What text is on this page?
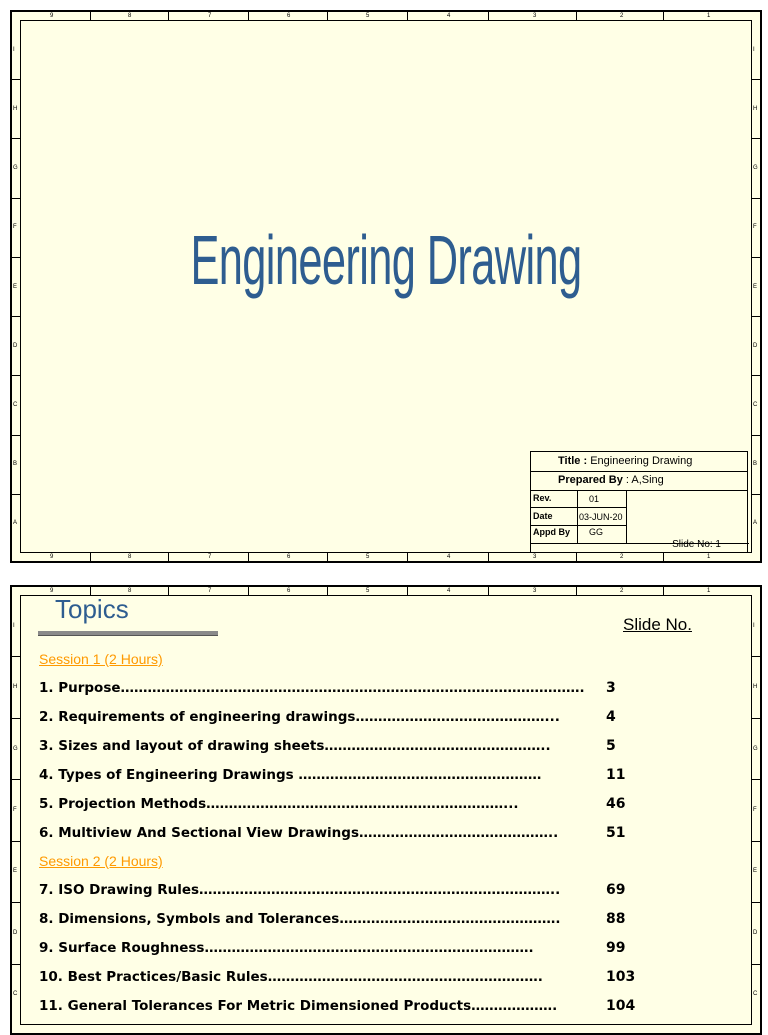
9
9
8
8
7
7
6
6
5
5
4
4
3
3
2
2
1
1
I	I
H	H
G	G
F	F
E	E
D	D
C	C
B	B
A	A
Engineering Drawing
Title : Engineering Drawing
Prepared By : A,Sing
Rev.	01
Date	03-JUN-20
Appd By GG
Slide No: 1
9	8	7	6	5	4	3	2	1
I	I
H	H
G	G
F	F
E	E
D	D
C	C
Topics
Slide No.
Session 1 (2 Hours)
Session 2 (2 Hours)
1. Purpose………………………………………………………………………………………….	3
2. Requirements of engineering drawings……………………………………...	4
3. Sizes and layout of drawing sheets…………………………………………..	5
4. Types of Engineering Drawings ………………………………………………	11
5. Projection Methods…………………………………………………………...	46
6. Multiview And Sectional View Drawings……………………………………..	51
7. ISO Drawing Rules……………………………………………………………………..	69
8. Dimensions, Symbols and Tolerances………………………………………….	88
9. Surface Roughness……………………………………………………………….	99
10. Best Practices/Basic Rules…………………………………………………….	103
11. General Tolerances For Metric Dimensioned Products……………….	104
